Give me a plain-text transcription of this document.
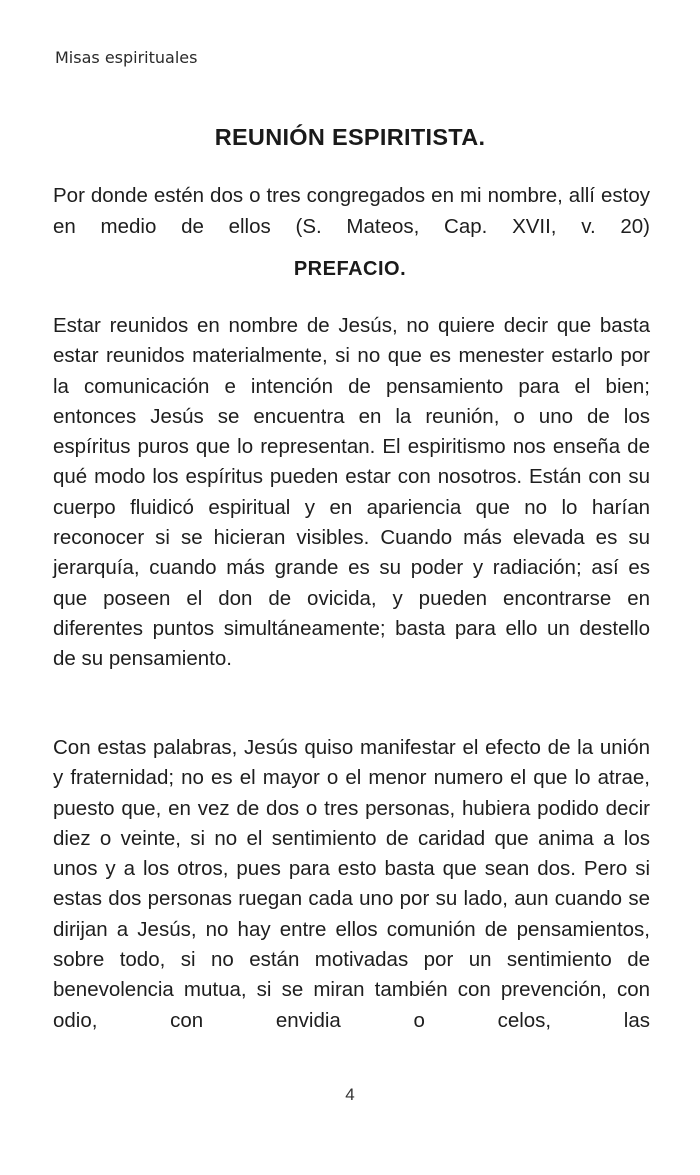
Misas espirituales
REUNIÓN ESPIRITISTA.

Por donde estén dos o tres congregados en mi nombre, allí estoy en medio de ellos (S. Mateos, Cap. XVII, v. 20)

PREFACIO.

Estar reunidos en nombre de Jesús, no quiere decir que basta estar reunidos materialmente, si no que es menester estarlo por la comunicación e intención de pensamiento para el bien; entonces Jesús se encuentra en la reunión, o uno de los espíritus puros que lo representan. El espiritismo nos enseña de qué modo los espíritus pueden estar con nosotros. Están con su cuerpo fluidicó espiritual y en apariencia que no lo harían reconocer si se hicieran visibles. Cuando más elevada es su jerarquía, cuando más grande es su poder y radiación; así es que poseen el don de ovicida, y pueden encontrarse en diferentes puntos simultáneamente; basta para ello un destello de su pensamiento.

Con estas palabras, Jesús quiso manifestar el efecto de la unión y fraternidad; no es el mayor o el menor numero el que lo atrae, puesto que, en vez de dos o tres personas, hubiera podido decir diez o veinte, si no el sentimiento de caridad que anima a los unos y a los otros, pues para esto basta que sean dos. Pero si estas dos personas ruegan cada uno por su lado, aun cuando se dirijan a Jesús, no hay entre ellos comunión de pensamientos, sobre todo, si no están motivadas por un sentimiento de benevolencia mutua, si se miran también con prevención, con odio, con envidia o celos, las

4
